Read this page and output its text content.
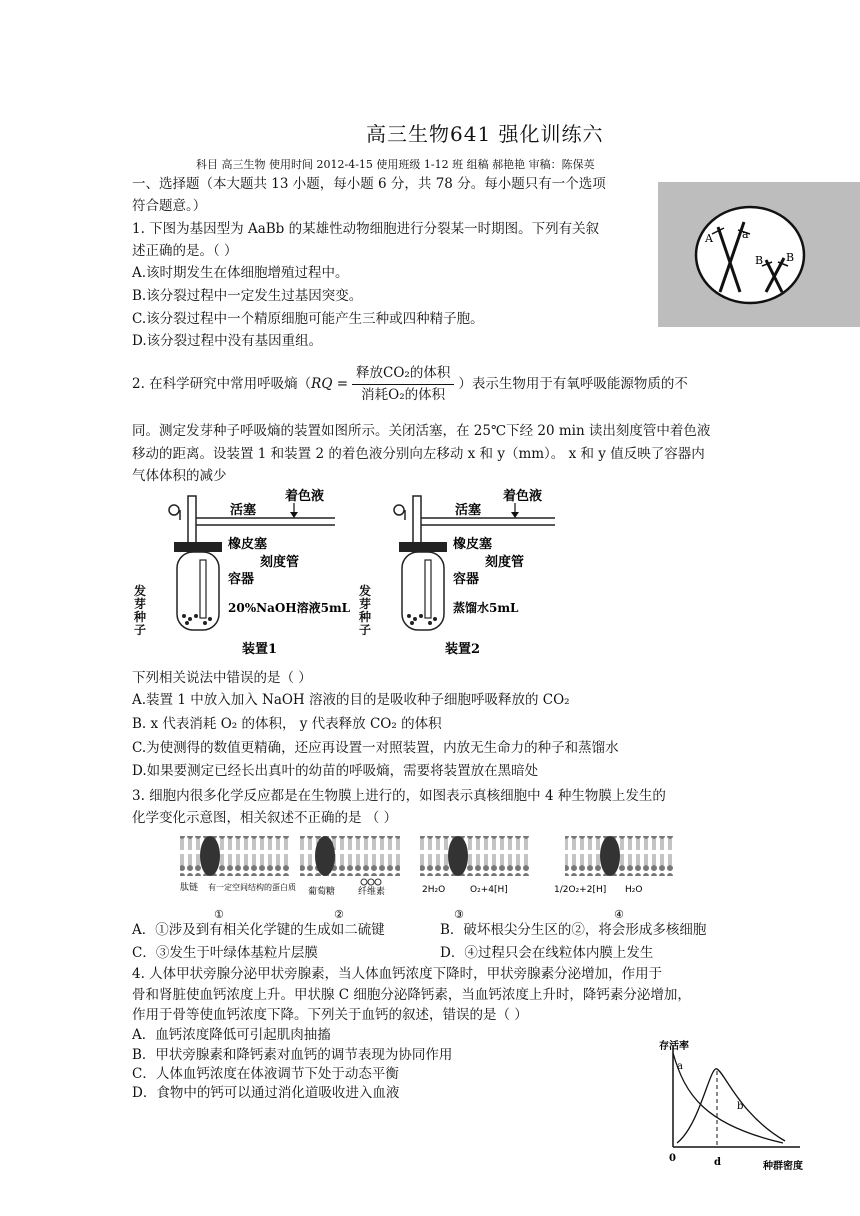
高三生物641 强化训练六
科目 高三生物 使用时间 2012-4-15 使用班级 1-12 班 组稿 郝艳艳 审稿：陈保英
一、选择题（本大题共 13 小题，每小题 6 分，共 78 分。每小题只有一个选项
符合题意。）
1. 下图为基因型为 AaBb 的某雄性动物细胞进行分裂某一时期图。下列有关叙
述正确的是。（ ）
A.该时期发生在体细胞增殖过程中。
B.该分裂过程中一定发生过基因突变。
C.该分裂过程中一个精原细胞可能产生三种或四种精子胞。
D.该分裂过程中没有基因重组。
A	a
B B
2. 在科学研究中常用呼吸熵（ RQ = $\frac{\text{释放CO₂的体积}}{\text{消耗O₂的体积}}$ ）表示生物用于有氧呼吸能源物质的不
同。测定发芽种子呼吸熵的装置如图所示。关闭活塞，在 25℃下经 20 min 读出刻度管中着色液
移动的距离。设装置 1 和装置 2 的着色液分别向左移动 x 和 y（mm）。 x 和 y 值反映了容器内
气体体积的减少
活塞
着色液
橡皮塞
刻度管
容器
20%NaOH溶液5mL
装置1
活塞
着色液
橡皮塞
刻度管
容器
蒸馏水5mL
装置2
发芽种子
发芽种子
下列相关说法中错误的是（ ）
A.装置 1 中放入加入 NaOH 溶液的目的是吸收种子细胞呼吸释放的 CO₂
B. x 代表消耗 O₂ 的体积， y 代表释放 CO₂ 的体积
C.为使测得的数值更精确，还应再设置一对照装置，内放无生命力的种子和蒸馏水
D.如果要测定已经长出真叶的幼苗的呼吸熵，需要将装置放在黑暗处
3. 细胞内很多化学反应都是在生物膜上进行的，如图表示真核细胞中 4 种生物膜上发生的
化学变化示意图，相关叙述不正确的是 （ ）
肽链 有一定空间结构的蛋白质
①
葡萄糖	纤维素
②
2H₂O	O₂+4[H]
③
1/2O₂+2[H] H₂O
④
A．①涉及到有相关化学键的生成如二硫键	B．破坏根尖分生区的②，将会形成多核细胞
C．③发生于叶绿体基粒片层膜	D．④过程只会在线粒体内膜上发生
4. 人体甲状旁腺分泌甲状旁腺素，当人体血钙浓度下降时，甲状旁腺素分泌增加，作用于
骨和肾脏使血钙浓度上升。甲状腺 C 细胞分泌降钙素，当血钙浓度上升时，降钙素分泌增加，
作用于骨等使血钙浓度下降。下列关于血钙的叙述，错误的是（ ）
A．血钙浓度降低可引起肌肉抽搐
B．甲状旁腺素和降钙素对血钙的调节表现为协同作用
C．人体血钙浓度在体液调节下处于动态平衡
D．食物中的钙可以通过消化道吸收进入血液
存活率
a
b
0	d	种群密度
